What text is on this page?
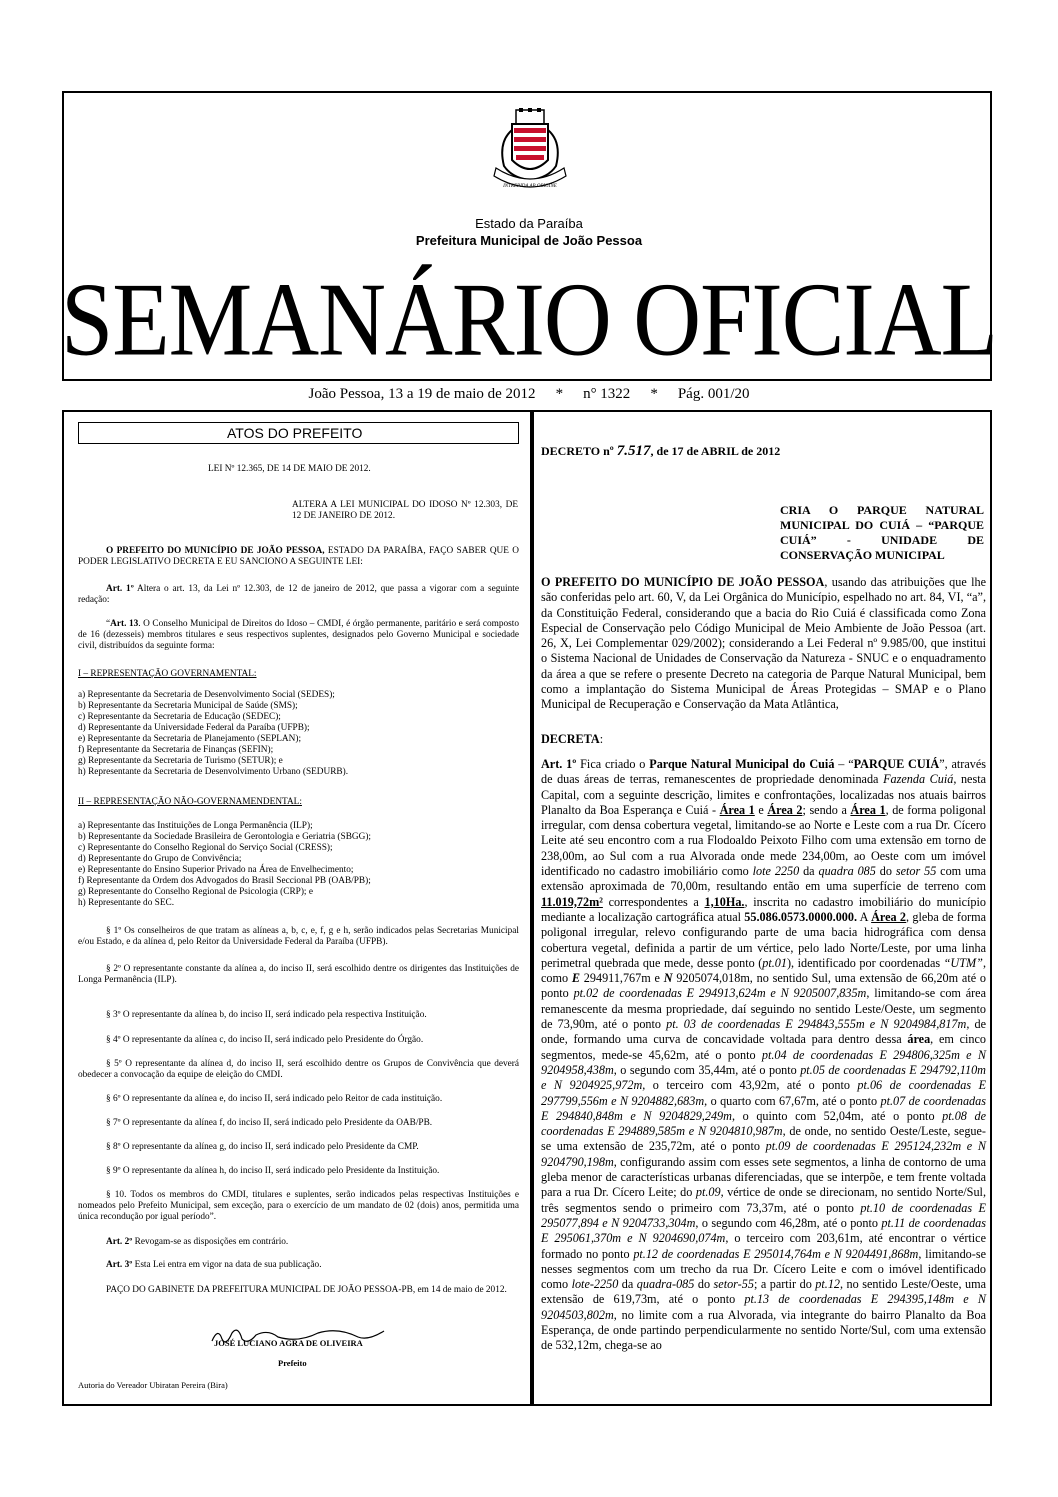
INTREPIDA AB ORIGINE
Estado da Paraíba
Prefeitura Municipal de João Pessoa
SEMANÁRIO OFICIAL
João Pessoa, 13 a 19 de maio de 2012 * n° 1322 * Pág. 001/20
ATOS DO PREFEITO
LEI Nº 12.365, DE 14 DE MAIO DE 2012.
ALTERA A LEI MUNICIPAL DO IDOSO Nº 12.303, DE 12 DE JANEIRO DE 2012.
O PREFEITO DO MUNICÍPIO DE JOÃO PESSOA, ESTADO DA PARAÍBA, FAÇO SABER QUE O PODER LEGISLATIVO DECRETA E EU SANCIONO A SEGUINTE LEI:
Art. 1º Altera o art. 13, da Lei nº 12.303, de 12 de janeiro de 2012, que passa a vigorar com a seguinte redação:
“Art. 13. O Conselho Municipal de Direitos do Idoso – CMDI, é órgão permanente, paritário e será composto de 16 (dezesseis) membros titulares e seus respectivos suplentes, designados pelo Governo Municipal e sociedade civil, distribuídos da seguinte forma:
I – REPRESENTAÇÃO GOVERNAMENTAL:
a) Representante da Secretaria de Desenvolvimento Social (SEDES);
b) Representante da Secretaria Municipal de Saúde (SMS);
c) Representante da Secretaria de Educação (SEDEC);
d) Representante da Universidade Federal da Paraíba (UFPB);
e) Representante da Secretaria de Planejamento (SEPLAN);
f) Representante da Secretaria de Finanças (SEFIN);
g) Representante da Secretaria de Turismo (SETUR); e
h) Representante da Secretaria de Desenvolvimento Urbano (SEDURB).
II – REPRESENTAÇÃO NÃO-GOVERNAMENDENTAL:
a) Representante das Instituições de Longa Permanência (ILP);
b) Representante da Sociedade Brasileira de Gerontologia e Geriatria (SBGG);
c) Representante do Conselho Regional do Serviço Social (CRESS);
d) Representante do Grupo de Convivência;
e) Representante do Ensino Superior Privado na Área de Envelhecimento;
f) Representante da Ordem dos Advogados do Brasil Seccional PB (OAB/PB);
g) Representante do Conselho Regional de Psicologia (CRP); e
h) Representante do SEC.
§ 1º Os conselheiros de que tratam as alíneas a, b, c, e, f, g e h, serão indicados pelas Secretarias Municipal e/ou Estado, e da alínea d, pelo Reitor da Universidade Federal da Paraíba (UFPB).
§ 2º O representante constante da alínea a, do inciso II, será escolhido dentre os dirigentes das Instituições de Longa Permanência (ILP).
§ 3º O representante da alínea b, do inciso II, será indicado pela respectiva Instituição.
§ 4º O representante da alínea c, do inciso II, será indicado pelo Presidente do Órgão.
§ 5º O representante da alínea d, do inciso II, será escolhido dentre os Grupos de Convivência que deverá obedecer a convocação da equipe de eleição do CMDI.
§ 6º O representante da alínea e, do inciso II, será indicado pelo Reitor de cada instituição.
§ 7º O representante da alínea f, do inciso II, será indicado pelo Presidente da OAB/PB.
§ 8º O representante da alínea g, do inciso II, será indicado pelo Presidente da CMP.
§ 9º O representante da alínea h, do inciso II, será indicado pelo Presidente da Instituição.
§ 10. Todos os membros do CMDI, titulares e suplentes, serão indicados pelas respectivas Instituições e nomeados pelo Prefeito Municipal, sem exceção, para o exercício de um mandato de 02 (dois) anos, permitida uma única recondução por igual período”.
Art. 2º Revogam-se as disposições em contrário.
Art. 3º Esta Lei entra em vigor na data de sua publicação.
PAÇO DO GABINETE DA PREFEITURA MUNICIPAL DE JOÃO PESSOA-PB, em 14 de maio de 2012.
JOSÉ LUCIANO AGRA DE OLIVEIRA
Prefeito
Autoria do Vereador Ubiratan Pereira (Bira)
DECRETO nº 7.517, de 17 de ABRIL de 2012
CRIA O PARQUE NATURAL MUNICIPAL DO CUIÁ – “PARQUE CUIÁ” - UNIDADE DE CONSERVAÇÃO MUNICIPAL
O PREFEITO DO MUNICÍPIO DE JOÃO PESSOA, usando das atribuições que lhe são conferidas pelo art. 60, V, da Lei Orgânica do Município, espelhado no art. 84, VI, “a”, da Constituição Federal, considerando que a bacia do Rio Cuiá é classificada como Zona Especial de Conservação pelo Código Municipal de Meio Ambiente de João Pessoa (art. 26, X, Lei Complementar 029/2002); considerando a Lei Federal nº 9.985/00, que institui o Sistema Nacional de Unidades de Conservação da Natureza - SNUC e o enquadramento da área a que se refere o presente Decreto na categoria de Parque Natural Municipal, bem como a implantação do Sistema Municipal de Áreas Protegidas – SMAP e o Plano Municipal de Recuperação e Conservação da Mata Atlântica,
DECRETA:
Art. 1º Fica criado o Parque Natural Municipal do Cuiá – “PARQUE CUIÁ”, através de duas áreas de terras, remanescentes de propriedade denominada Fazenda Cuiá, nesta Capital, com a seguinte descrição, limites e confrontações, localizadas nos atuais bairros Planalto da Boa Esperança e Cuiá - Área 1 e Área 2; sendo a Área 1, de forma poligonal irregular, com densa cobertura vegetal, limitando-se ao Norte e Leste com a rua Dr. Cícero Leite até seu encontro com a rua Flodoaldo Peixoto Filho com uma extensão em torno de 238,00m, ao Sul com a rua Alvorada onde mede 234,00m, ao Oeste com um imóvel identificado no cadastro imobiliário como lote 2250 da quadra 085 do setor 55 com uma extensão aproximada de 70,00m, resultando então em uma superfície de terreno com 11.019,72m² correspondentes a 1,10Ha., inscrita no cadastro imobiliário do município mediante a localização cartográfica atual 55.086.0573.0000.000. A Área 2, gleba de forma poligonal irregular, relevo configurando parte de uma bacia hidrográfica com densa cobertura vegetal, definida a partir de um vértice, pelo lado Norte/Leste, por uma linha perimetral quebrada que mede, desse ponto (pt.01), identificado por coordenadas “UTM”, como E 294911,767m e N 9205074,018m, no sentido Sul, uma extensão de 66,20m até o ponto pt.02 de coordenadas E 294913,624m e N 9205007,835m, limitando-se com área remanescente da mesma propriedade, daí seguindo no sentido Leste/Oeste, um segmento de 73,90m, até o ponto pt. 03 de coordenadas E 294843,555m e N 9204984,817m, de onde, formando uma curva de concavidade voltada para dentro dessa área, em cinco segmentos, mede-se 45,62m, até o ponto pt.04 de coordenadas E 294806,325m e N 9204958,438m, o segundo com 35,44m, até o ponto pt.05 de coordenadas E 294792,110m e N 9204925,972m, o terceiro com 43,92m, até o ponto pt.06 de coordenadas E 297799,556m e N 9204882,683m, o quarto com 67,67m, até o ponto pt.07 de coordenadas E 294840,848m e N 9204829,249m, o quinto com 52,04m, até o ponto pt.08 de coordenadas E 294889,585m e N 9204810,987m, de onde, no sentido Oeste/Leste, segue-se uma extensão de 235,72m, até o ponto pt.09 de coordenadas E 295124,232m e N 9204790,198m, configurando assim com esses sete segmentos, a linha de contorno de uma gleba menor de características urbanas diferenciadas, que se interpõe, e tem frente voltada para a rua Dr. Cícero Leite; do pt.09, vértice de onde se direcionam, no sentido Norte/Sul, três segmentos sendo o primeiro com 73,37m, até o ponto pt.10 de coordenadas E 295077,894 e N 9204733,304m, o segundo com 46,28m, até o ponto pt.11 de coordenadas E 295061,370m e N 9204690,074m, o terceiro com 203,61m, até encontrar o vértice formado no ponto pt.12 de coordenadas E 295014,764m e N 9204491,868m, limitando-se nesses segmentos com um trecho da rua Dr. Cícero Leite e com o imóvel identificado como lote-2250 da quadra-085 do setor-55; a partir do pt.12, no sentido Leste/Oeste, uma extensão de 619,73m, até o ponto pt.13 de coordenadas E 294395,148m e N 9204503,802m, no limite com a rua Alvorada, via integrante do bairro Planalto da Boa Esperança, de onde partindo perpendicularmente no sentido Norte/Sul, com uma extensão de 532,12m, chega-se ao
